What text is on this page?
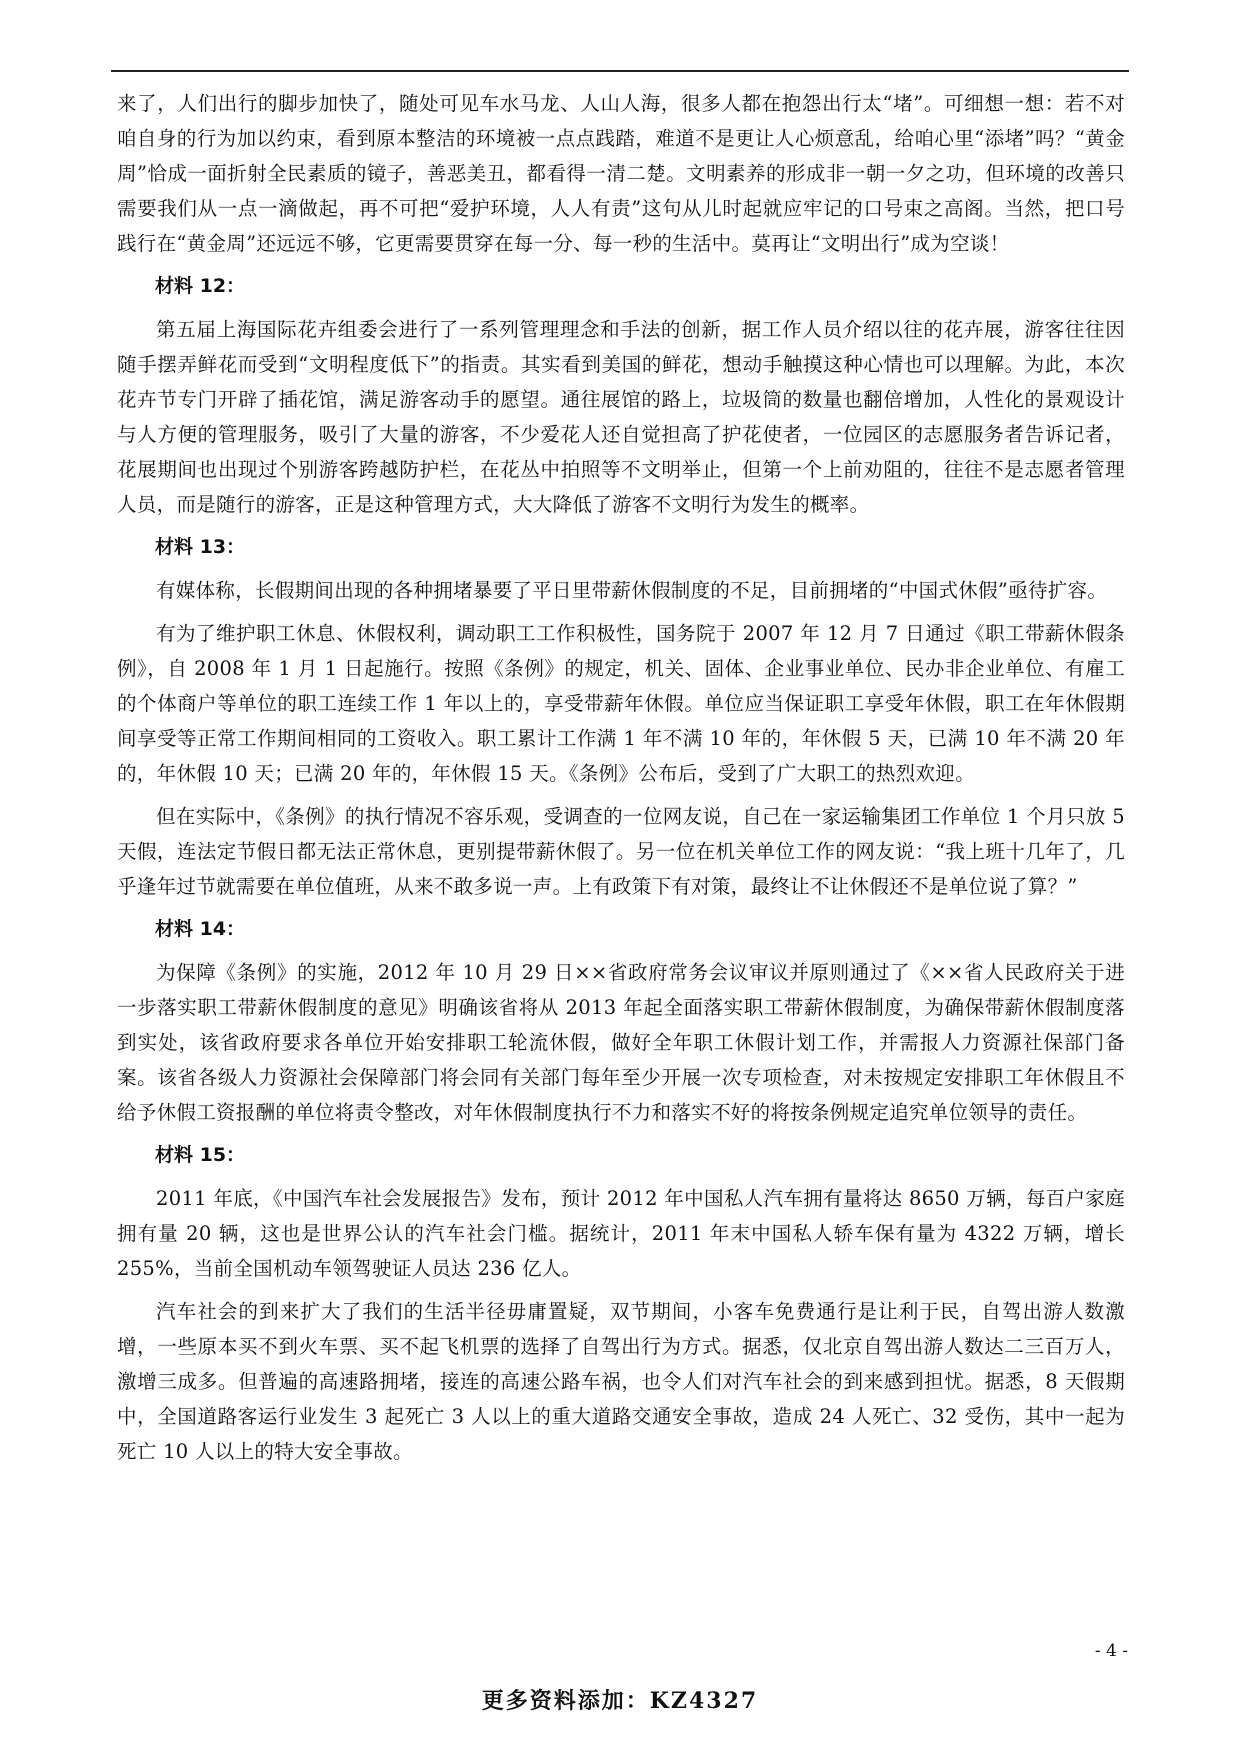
来了，人们出行的脚步加快了，随处可见车水马龙、人山人海，很多人都在抱怨出行太“堵”。可细想一想：若不对咱自身的行为加以约束，看到原本整洁的环境被一点点践踏，难道不是更让人心烦意乱，给咱心里“添堵”吗？“黄金周”恰成一面折射全民素质的镜子，善恶美丑，都看得一清二楚。文明素养的形成非一朝一夕之功，但环境的改善只需要我们从一点一滴做起，再不可把“爱护环境，人人有责”这句从儿时起就应牢记的口号束之高阁。当然，把口号践行在“黄金周”还远远不够，它更需要贯穿在每一分、每一秒的生活中。莫再让“文明出行”成为空谈！

材料 12：

第五届上海国际花卉组委会进行了一系列管理理念和手法的创新，据工作人员介绍以往的花卉展，游客往往因随手摆弄鲜花而受到“文明程度低下”的指责。其实看到美国的鲜花，想动手触摸这种心情也可以理解。为此，本次花卉节专门开辟了插花馆，满足游客动手的愿望。通往展馆的路上，垃圾筒的数量也翻倍增加，人性化的景观设计与人方便的管理服务，吸引了大量的游客，不少爱花人还自觉担高了护花使者，一位园区的志愿服务者告诉记者，花展期间也出现过个别游客跨越防护栏，在花丛中拍照等不文明举止，但第一个上前劝阻的，往往不是志愿者管理人员，而是随行的游客，正是这种管理方式，大大降低了游客不文明行为发生的概率。

材料 13：

有媒体称，长假期间出现的各种拥堵暴要了平日里带薪休假制度的不足，目前拥堵的“中国式休假”亟待扩容。

有为了维护职工休息、休假权利，调动职工工作积极性，国务院于 2007 年 12 月 7 日通过《职工带薪休假条例》，自 2008 年 1 月 1 日起施行。按照《条例》的规定，机关、固体、企业事业单位、民办非企业单位、有雇工的个体商户等单位的职工连续工作 1 年以上的，享受带薪年休假。单位应当保证职工享受年休假，职工在年休假期间享受等正常工作期间相同的工资收入。职工累计工作满 1 年不满 10 年的，年休假 5 天，已满 10 年不满 20 年的，年休假 10 天；已满 20 年的，年休假 15 天。《条例》公布后，受到了广大职工的热烈欢迎。

但在实际中，《条例》的执行情况不容乐观，受调查的一位网友说，自己在一家运输集团工作单位 1 个月只放 5 天假，连法定节假日都无法正常休息，更别提带薪休假了。另一位在机关单位工作的网友说：“我上班十几年了，几乎逢年过节就需要在单位值班，从来不敢多说一声。上有政策下有对策，最终让不让休假还不是单位说了算？”

材料 14：

为保障《条例》的实施，2012 年 10 月 29 日××省政府常务会议审议并原则通过了《××省人民政府关于进一步落实职工带薪休假制度的意见》明确该省将从 2013 年起全面落实职工带薪休假制度，为确保带薪休假制度落到实处，该省政府要求各单位开始安排职工轮流休假，做好全年职工休假计划工作，并需报人力资源社保部门备案。该省各级人力资源社会保障部门将会同有关部门每年至少开展一次专项检查，对未按规定安排职工年休假且不给予休假工资报酬的单位将责令整改，对年休假制度执行不力和落实不好的将按条例规定追究单位领导的责任。

材料 15：

2011 年底，《中国汽车社会发展报告》发布，预计 2012 年中国私人汽车拥有量将达 8650 万辆，每百户家庭拥有量 20 辆，这也是世界公认的汽车社会门槛。据统计，2011 年末中国私人轿车保有量为 4322 万辆，增长 255%，当前全国机动车领驾驶证人员达 236 亿人。

汽车社会的到来扩大了我们的生活半径毋庸置疑，双节期间，小客车免费通行是让利于民，自驾出游人数激增，一些原本买不到火车票、买不起飞机票的选择了自驾出行为方式。据悉，仅北京自驾出游人数达二三百万人，激增三成多。但普遍的高速路拥堵，接连的高速公路车祸，也令人们对汽车社会的到来感到担忧。据悉，8 天假期中，全国道路客运行业发生 3 起死亡 3 人以上的重大道路交通安全事故，造成 24 人死亡、32 受伤，其中一起为死亡 10 人以上的特大安全事故。

- 4 -
更多资料添加：KZ4327
